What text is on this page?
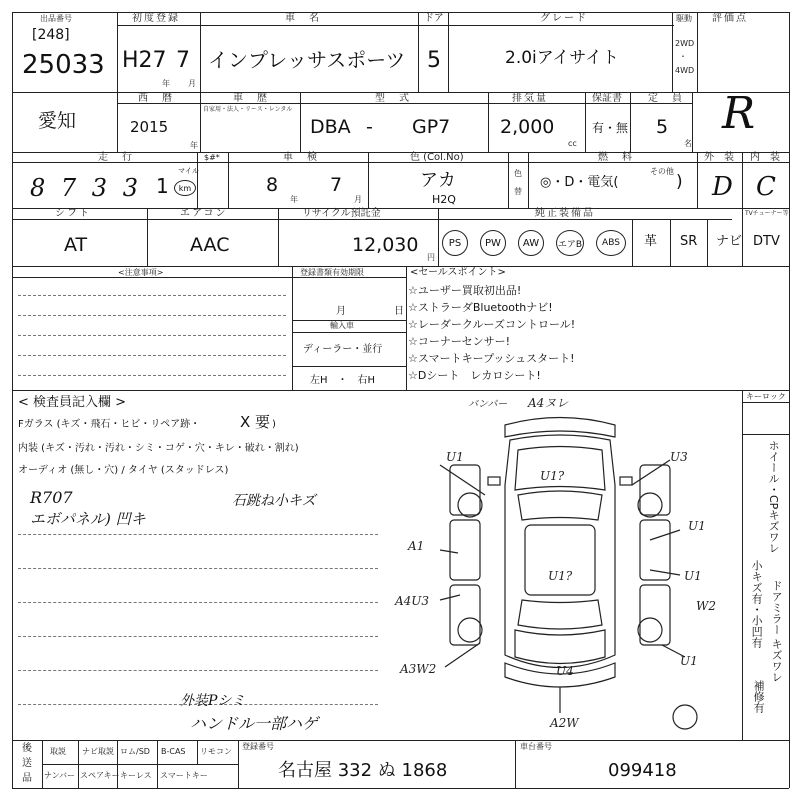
出品番号
[248]
25033
初度登録
H27 7
年 月
車　名
インプレッサスポーツ
ドア
5
グレード
2.0iアイサイト
駆動
2WD
・
4WD
評価点
R
愛知
西　暦
2015
年
車　歴
自家用・法人・リース・レンタル
型　式
DBA - GP7
排気量
2,000
cc
保証書
有・無
定　員
5
名
走　行
8 7 3 3 1
マイル
km
$#*	車　検
8	7
年	月
色 (Col.No)
アカ
H2Q
色
替
燃　料
◎・D・電気(
その他
)
外　装
D
内　装
C
シフト
AT
エアコン
AAC
リサイクル預託金
12,030
円
純正装備品	TVチューナー等
PS	PW	AW	エアB	ABS	革 SR ナビ DTV
<注意事項>	登録書類有効期限
月	日
輸入車
ディーラー・並行
左H　・　右H
<セールスポイント>
☆ユーザー買取初出品!
☆ストラーダBluetoothナビ!
☆レーダークルーズコントロール!
☆コーナーセンサー!
☆スマートキープッシュスタート!
☆Dシート　レカロシート!
< 検査員記入欄 >
Fガラス (キズ・飛石・ヒビ・リペア跡・	X 要 )
内装 (キズ・汚れ・汚れ・シミ・コゲ・穴・キレ・破れ・割れ)
オーディオ (無し・穴) / タイヤ (スタッドレス)
R707
エボパネル) 凹キ
石跳ね小キズ
外装Pシミ
ハンドル一部ハゲ
キーロック
ホイール・CPキズワレ
ドアミラー キズワレ
小キズ有・小凹有
補修有
A4ヌレ
バンパー
U1
U1?
U3
U1
A1
U1?	U1
A4U3	W2
U1
A3W2	U4
A2W
後
送
品
取説 ナビ取説 ロム/SD B-CAS リモコン
ナンバー スペアキー キーレス スマートキー
登録番号
名古屋 332 ぬ 1868
車台番号
099418
